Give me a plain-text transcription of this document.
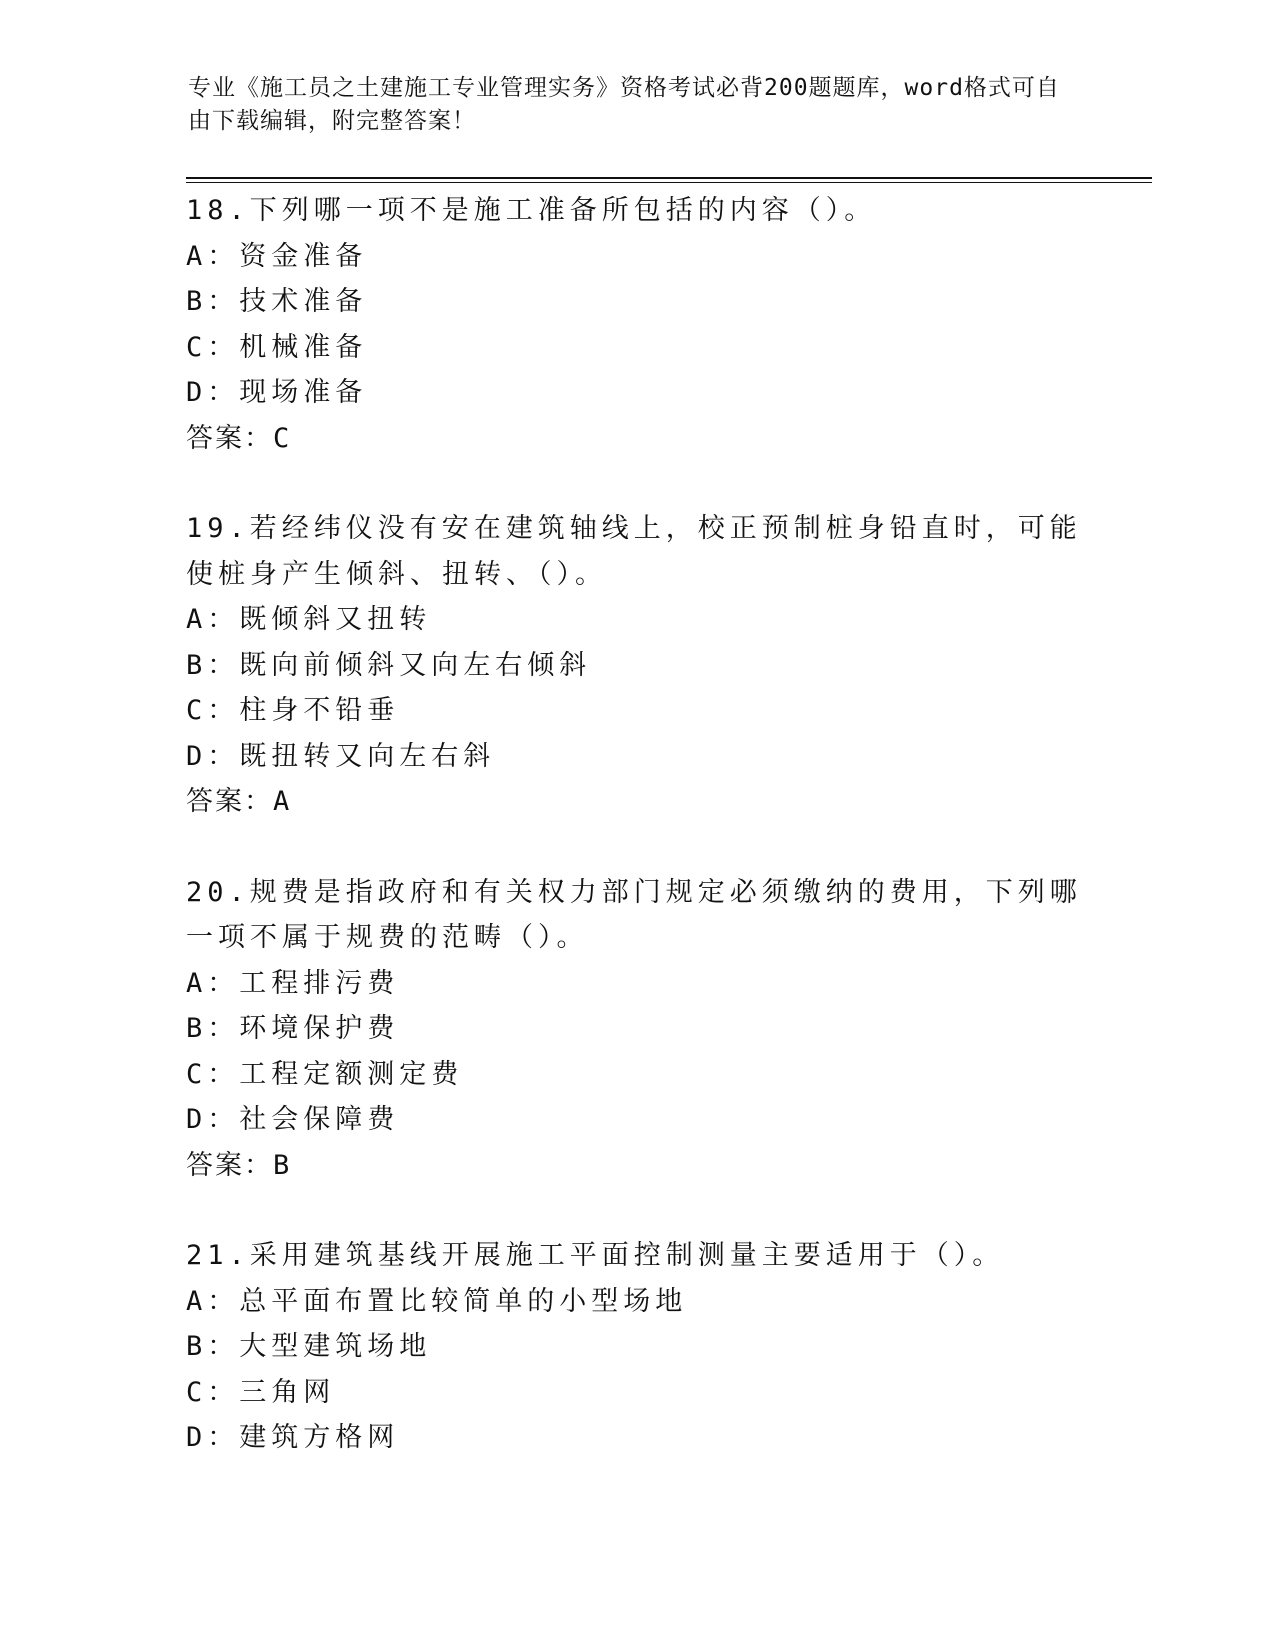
专业《施工员之土建施工专业管理实务》资格考试必背200题题库，word格式可自由下载编辑，附完整答案！

18.下列哪一项不是施工准备所包括的内容（）。

A：资金准备

B：技术准备

C：机械准备

D：现场准备

答案：C

19.若经纬仪没有安在建筑轴线上，校正预制桩身铅直时，可能使桩身产生倾斜、扭转、（）。

A：既倾斜又扭转

B：既向前倾斜又向左右倾斜

C：柱身不铅垂

D：既扭转又向左右斜

答案：A

20.规费是指政府和有关权力部门规定必须缴纳的费用，下列哪一项不属于规费的范畴（）。

A：工程排污费

B：环境保护费

C：工程定额测定费

D：社会保障费

答案：B

21.采用建筑基线开展施工平面控制测量主要适用于（）。

A：总平面布置比较简单的小型场地

B：大型建筑场地

C：三角网

D：建筑方格网
